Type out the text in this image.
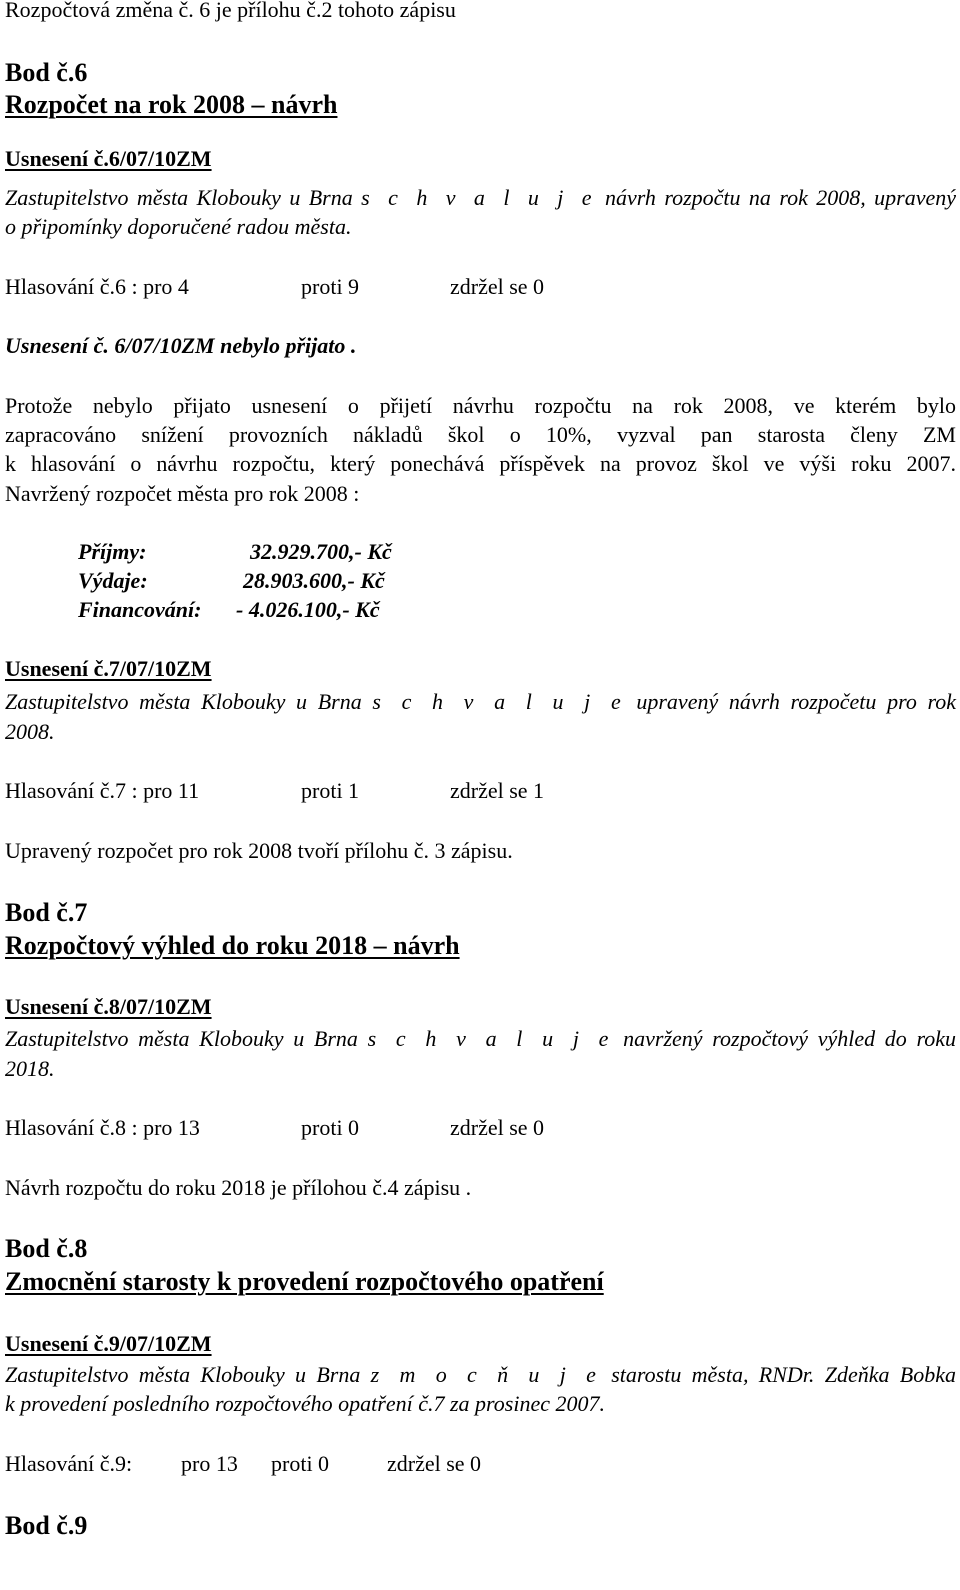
Rozpočtová změna č. 6 je přílohu č.2 tohoto zápisu
Bod č.6
Rozpočet na rok 2008 – návrh
Usnesení č.6/07/10ZM
Zastupitelstvo města Klobouky u Brna s c h v a l u j e návrh rozpočtu na rok 2008, upravený
o připomínky doporučené radou města.

Hlasování č.6 : pro 4

	proti 9

	zdržel se 0

Usnesení č. 6/07/10ZM nebylo přijato .
Protože nebylo přijato usnesení o přijetí návrhu rozpočtu na rok 2008, ve kterém bylo
zapracováno snížení provozních nákladů škol o 10%, vyzval pan starosta členy ZM
k hlasování o návrhu rozpočtu, který ponechává příspěvek na provoz škol ve výši roku 2007.
Navržený rozpočet města pro rok 2008 :
Příjmy:	32.929.700,- Kč
Výdaje:	28.903.600,- Kč
Financování: - 4.026.100,- Kč
Usnesení č.7/07/10ZM
Zastupitelstvo města Klobouky u Brna s c h v a l u j e upravený návrh rozpočetu pro rok
2008.

Hlasování č.7 : pro 11

	proti 1

	zdržel se 1

Upravený rozpočet pro rok 2008 tvoří přílohu č. 3 zápisu.
Bod č.7
Rozpočtový výhled do roku 2018 – návrh
Usnesení č.8/07/10ZM
Zastupitelstvo města Klobouky u Brna s c h v a l u j e navržený rozpočtový výhled do roku
2018.

Hlasování č.8 : pro 13

	proti 0

	zdržel se 0

Návrh rozpočtu do roku 2018 je přílohou č.4 zápisu .
Bod č.8
Zmocnění starosty k provedení rozpočtového opatření
Usnesení č.9/07/10ZM
Zastupitelstvo města Klobouky u Brna z m o c ň u j e starostu města, RNDr. Zdeňka Bobka
k provedení posledního rozpočtového opatření č.7 za prosinec 2007.

Hlasování č.9:

pro 13

proti 0

	zdržel se 0

Bod č.9
